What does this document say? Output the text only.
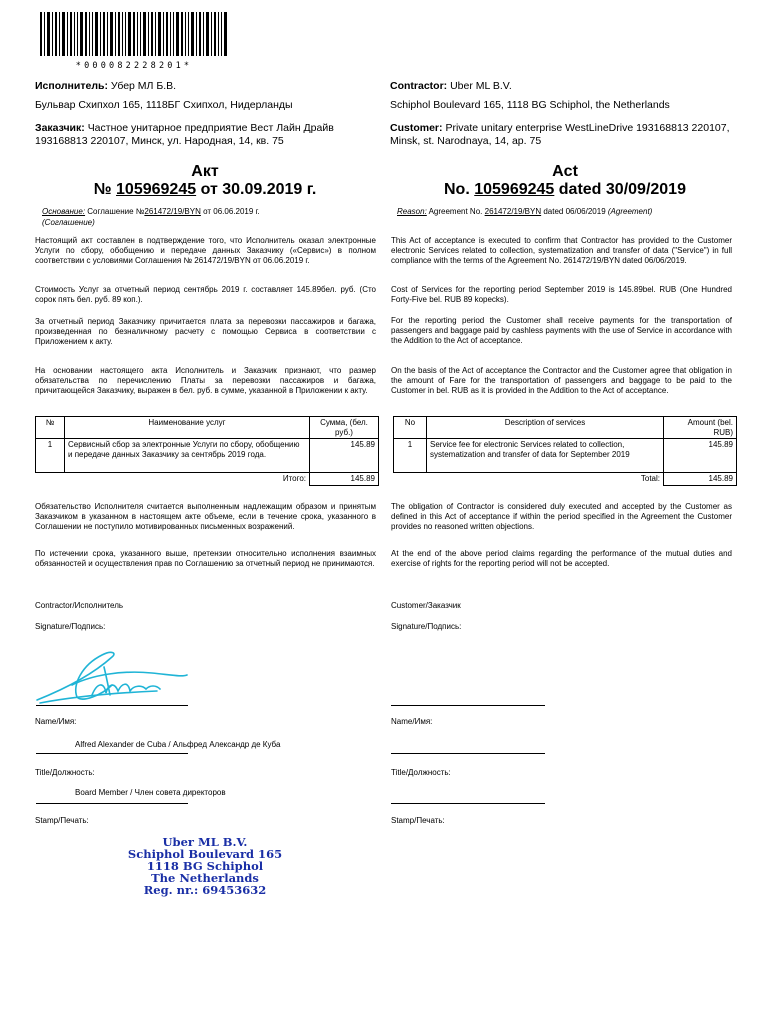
*000082228201*
Исполнитель: Убер МЛ Б.В.
Бульвар Схипхол 165, 1118БГ Схипхол, Нидерланды
Заказчик: Частное унитарное предприятие Вест Лайн Драйв 193168813 220107, Минск, ул. Народная, 14, кв. 75
Акт
№ 105969245 от 30.09.2019 г.
Основание: Соглашение №261472/19/BYN от 06.06.2019 г.
(Соглашение)
Настоящий акт составлен в подтверждение того, что Исполнитель оказал электронные Услуги по сбору, обобщению и передаче данных Заказчику («Сервис») в полном соответствии с условиями Соглашения № 261472/19/BYN от 06.06.2019 г.
Стоимость Услуг за отчетный период сентябрь 2019 г. составляет 145.89бел. руб. (Сто сорок пять бел. руб. 89 коп.).
За отчетный период Заказчику причитается плата за перевозки пассажиров и багажа, произведенная по безналичному расчету с помощью Сервиса в соответствии с Приложением к акту.
На основании настоящего акта Исполнитель и Заказчик признают, что размер обязательства по перечислению Платы за перевозки пассажиров и багажа, причитающейся Заказчику, выражен в бел. руб. в сумме, указанной в Приложении к акту.
№	Наименование услуг	Сумма, (бел. руб.)
1	Сервисный сбор за электронные Услуги по сбору, обобщению и передаче данных Заказчику за сентябрь 2019 года.	145.89
Итого:		145.89
Обязательство Исполнителя считается выполненным надлежащим образом и принятым Заказчиком в указанном в настоящем акте объеме, если в течение срока, указанного в Соглашении не поступило мотивированных письменных возражений.
По истечении срока, указанного выше, претензии относительно исполнения взаимных обязанностей и осуществления прав по Соглашению за отчетный период не принимаются.
Contractor/Исполнитель
Signature/Подпись:
Name/Имя:
Alfred Alexander de Cuba / Альфред Александр де Куба
Title/Должность:
Board Member / Член совета директоров
Stamp/Печать:
Uber ML B.V.
Schiphol Boulevard 165
1118 BG Schiphol
The Netherlands
Reg. nr.: 69453632
Contractor: Uber ML B.V.
Schiphol Boulevard 165, 1118 BG Schiphol, the Netherlands
Customer: Private unitary enterprise WestLineDrive 193168813 220107, Minsk, st. Narodnaya, 14, ap. 75
Act
No. 105969245 dated 30/09/2019
Reason: Agreement No. 261472/19/BYN dated 06/06/2019 (Agreement)
This Act of acceptance is executed to confirm that Contractor has provided to the Customer electronic Services related to collection, systematization and transfer of data ("Service") in full compliance with the terms of the Agreement No. 261472/19/BYN dated 06/06/2019.
Cost of Services for the reporting period September 2019 is 145.89bel. RUB (One Hundred Forty-Five bel. RUB 89 kopecks).
For the reporting period the Customer shall receive payments for the transportation of passengers and baggage paid by cashless payments with the use of Service in accordance with the Addition to the Act of acceptance.
On the basis of the Act of acceptance the Contractor and the Customer agree that obligation in the amount of Fare for the transportation of passengers and baggage to be paid to the Customer in bel. RUB as it is provided in the Addition to the Act of acceptance.
No	Description of services	Amount (bel. RUB)
1	Service fee for electronic Services related to collection, systematization and transfer of data for September 2019	145.89
Total:		145.89
The obligation of Contractor is considered duly executed and accepted by the Customer as defined in this Act of acceptance if within the period specified in the Agreement the Customer provides no reasoned written objections.
At the end of the above period claims regarding the performance of the mutual duties and exercise of rights for the reporting period will not be accepted.
Customer/Заказчик
Signature/Подпись:
Name/Имя:
Title/Должность:
Stamp/Печать:
